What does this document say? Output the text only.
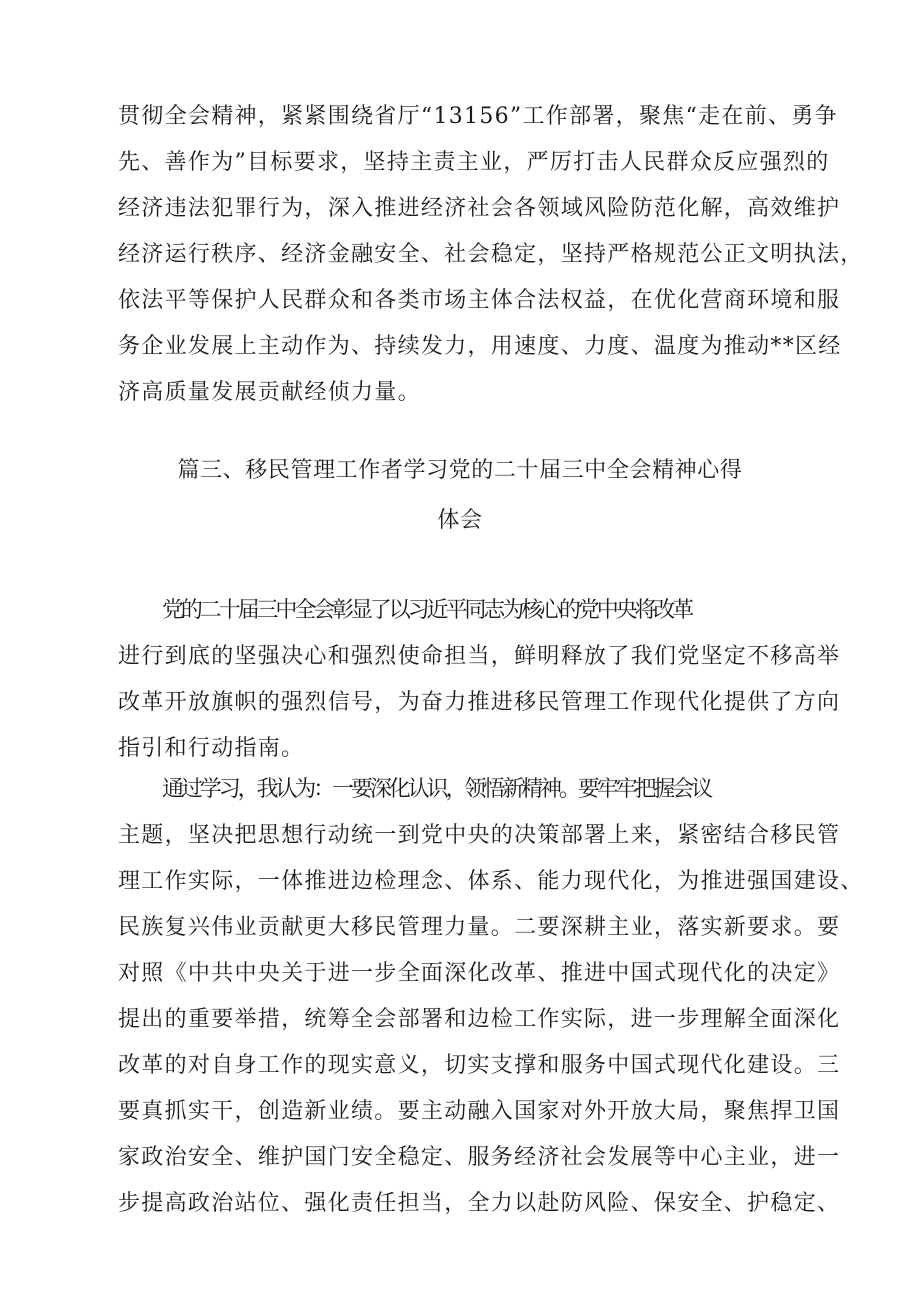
贯彻全会精神，紧紧围绕省厅“13156”工作部署，聚焦“走在前、勇争
先、善作为”目标要求，坚持主责主业，严厉打击人民群众反应强烈的
经济违法犯罪行为，深入推进经济社会各领域风险防范化解，高效维护
经济运行秩序、经济金融安全、社会稳定，坚持严格规范公正文明执法，
依法平等保护人民群众和各类市场主体合法权益，在优化营商环境和服
务企业发展上主动作为、持续发力，用速度、力度、温度为推动**区经
济高质量发展贡献经侦力量。
篇三、移民管理工作者学习党的二十届三中全会精神心得
体会
党的二十届三中全会彰显了以习近平同志为核心的党中央将改革
进行到底的坚强决心和强烈使命担当，鲜明释放了我们党坚定不移高举
改革开放旗帜的强烈信号，为奋力推进移民管理工作现代化提供了方向
指引和行动指南。
通过学习，我认为：一要深化认识，领悟新精神。要牢牢把握会议
主题，坚决把思想行动统一到党中央的决策部署上来，紧密结合移民管
理工作实际，一体推进边检理念、体系、能力现代化，为推进强国建设、
民族复兴伟业贡献更大移民管理力量。二要深耕主业，落实新要求。要
对照《中共中央关于进一步全面深化改革、推进中国式现代化的决定》
提出的重要举措，统筹全会部署和边检工作实际，进一步理解全面深化
改革的对自身工作的现实意义，切实支撑和服务中国式现代化建设。三
要真抓实干，创造新业绩。要主动融入国家对外开放大局，聚焦捍卫国
家政治安全、维护国门安全稳定、服务经济社会发展等中心主业，进一
步提高政治站位、强化责任担当，全力以赴防风险、保安全、护稳定、
